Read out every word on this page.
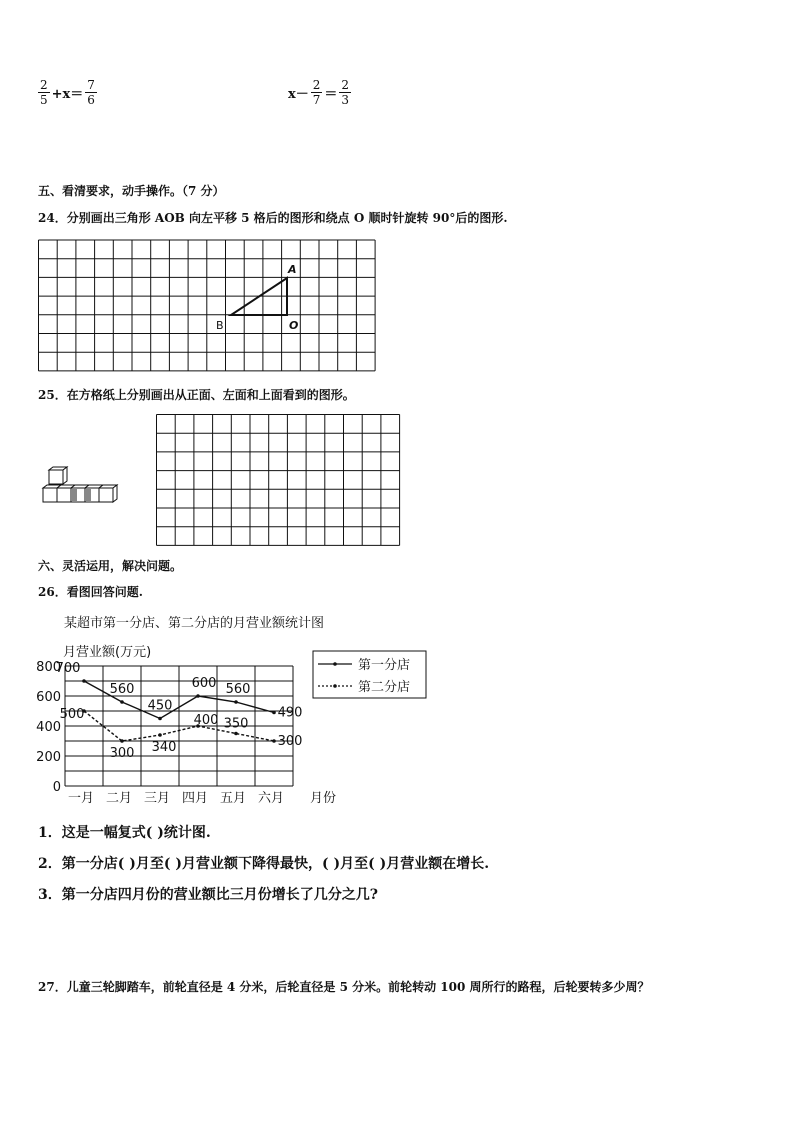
$\frac{2}{5} +x= \frac{7}{6}$	$x- \frac{2}{7} = \frac{2}{3}$
五、看清要求，动手操作。（7 分）
24．分别画出三角形 AOB 向左平移 5 格后的图形和绕点 O 顺时针旋转 90°后的图形.
A
B	O
25．在方格纸上分别画出从正面、左面和上面看到的图形。
六、灵活运用，解决问题。
26．看图回答问题.
某超市第一分店、第二分店的月营业额统计图
月营业额(万元)
0
200
400
600
800
一月 二月 三月 四月 五月 六月 月份
700
560
450
600 560
490
500
300 340
400 350
300
第一分店
第二分店
1．这是一幅复式( )统计图.
2．第一分店( )月至( )月营业额下降得最快，( )月至( )月营业额在增长.
3．第一分店四月份的营业额比三月份增长了几分之几?
27．儿童三轮脚踏车，前轮直径是 4 分米，后轮直径是 5 分米。前轮转动 100 周所行的路程，后轮要转多少周？
